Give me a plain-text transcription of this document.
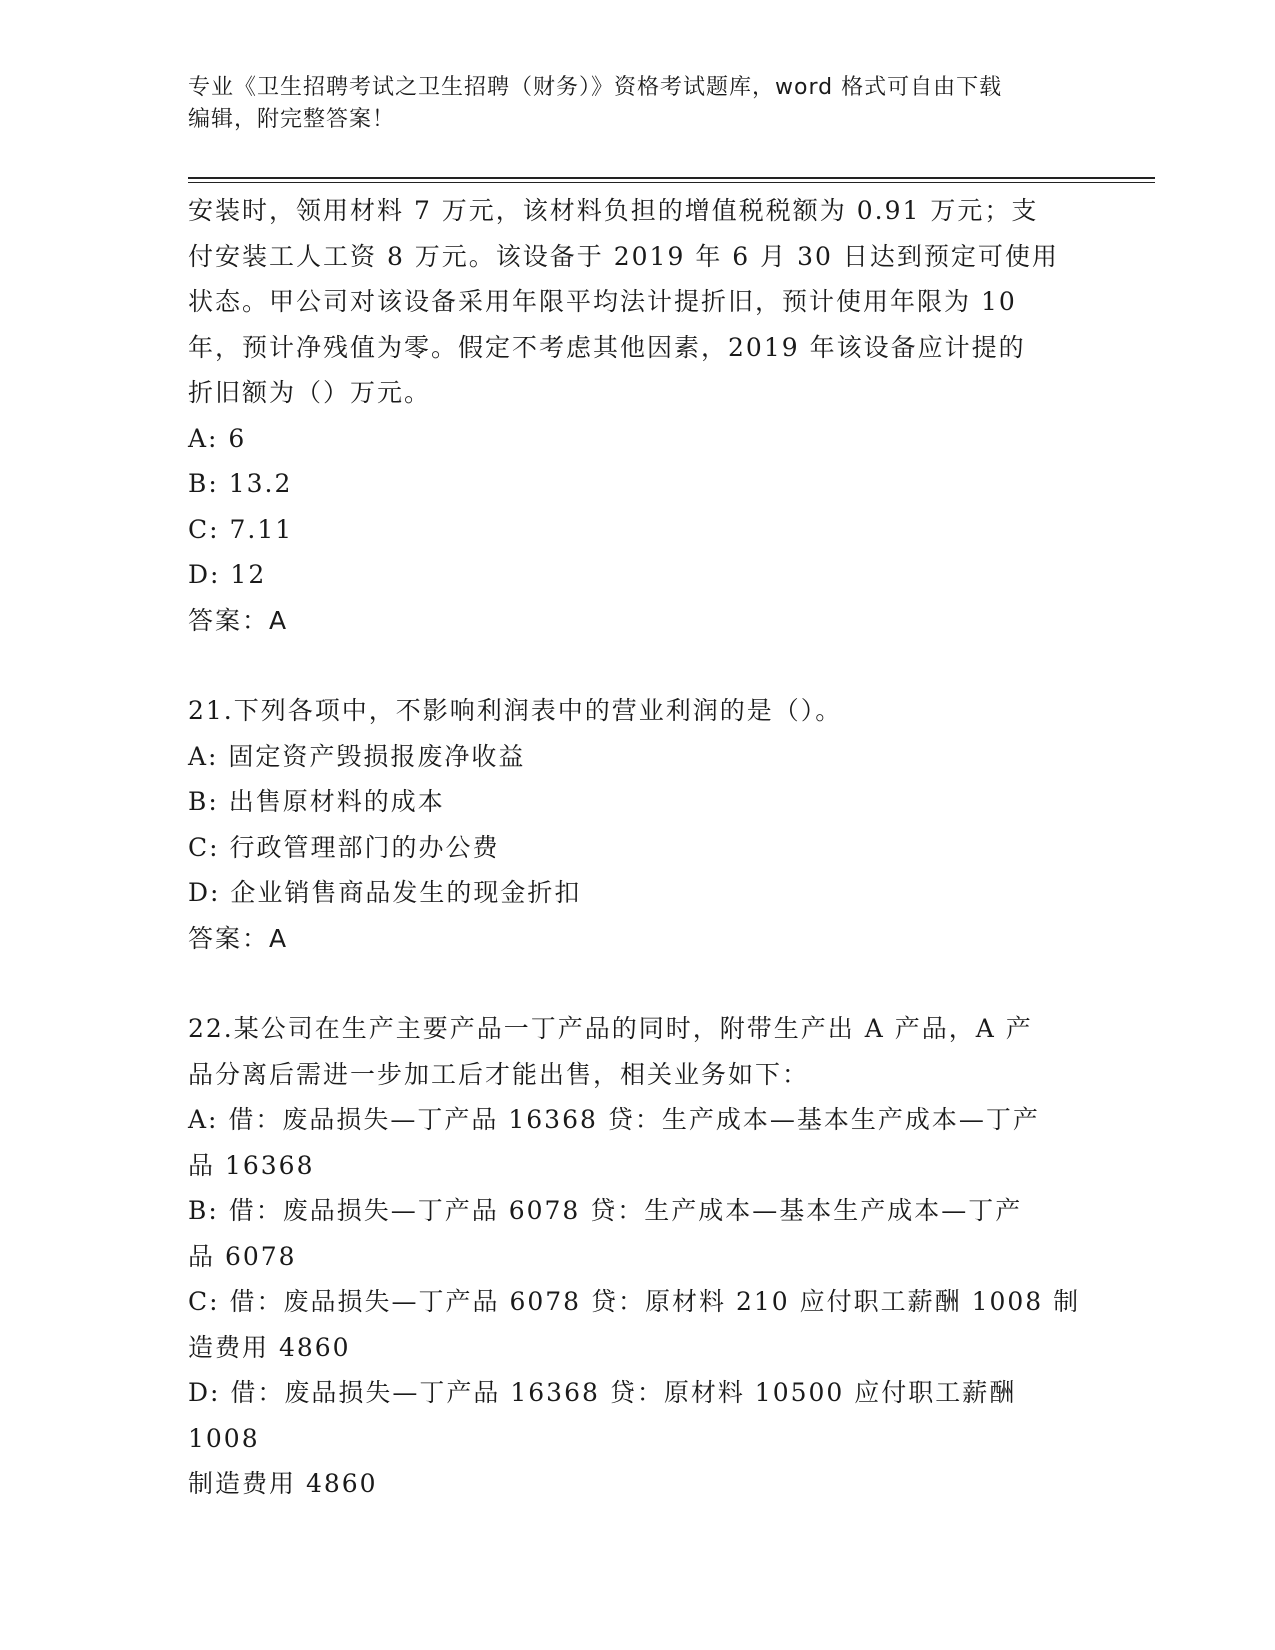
专业《卫生招聘考试之卫生招聘（财务）》资格考试题库，word 格式可自由下载
编辑，附完整答案！

安装时，领用材料 7 万元，该材料负担的增值税税额为 0.91 万元；支

付安装工人工资 8 万元。该设备于 2019 年 6 月 30 日达到预定可使用

状态。甲公司对该设备采用年限平均法计提折旧，预计使用年限为 10

年，预计净残值为零。假定不考虑其他因素，2019 年该设备应计提的

折旧额为（）万元。

A: 6

B: 13.2

C: 7.11

D: 12

答案：A

21.下列各项中，不影响利润表中的营业利润的是（）。

A: 固定资产毁损报废净收益

B: 出售原材料的成本

C: 行政管理部门的办公费

D: 企业销售商品发生的现金折扣

答案：A

22.某公司在生产主要产品一丁产品的同时，附带生产出 A 产品，A 产

品分离后需进一步加工后才能出售，相关业务如下：

A: 借：废品损失—丁产品 16368 贷：生产成本—基本生产成本—丁产

品 16368

B: 借：废品损失—丁产品 6078 贷：生产成本—基本生产成本—丁产

品 6078

C: 借：废品损失—丁产品 6078 贷：原材料 210 应付职工薪酬 1008 制

造费用 4860

D: 借：废品损失—丁产品 16368 贷：原材料 10500 应付职工薪酬 1008

制造费用 4860
